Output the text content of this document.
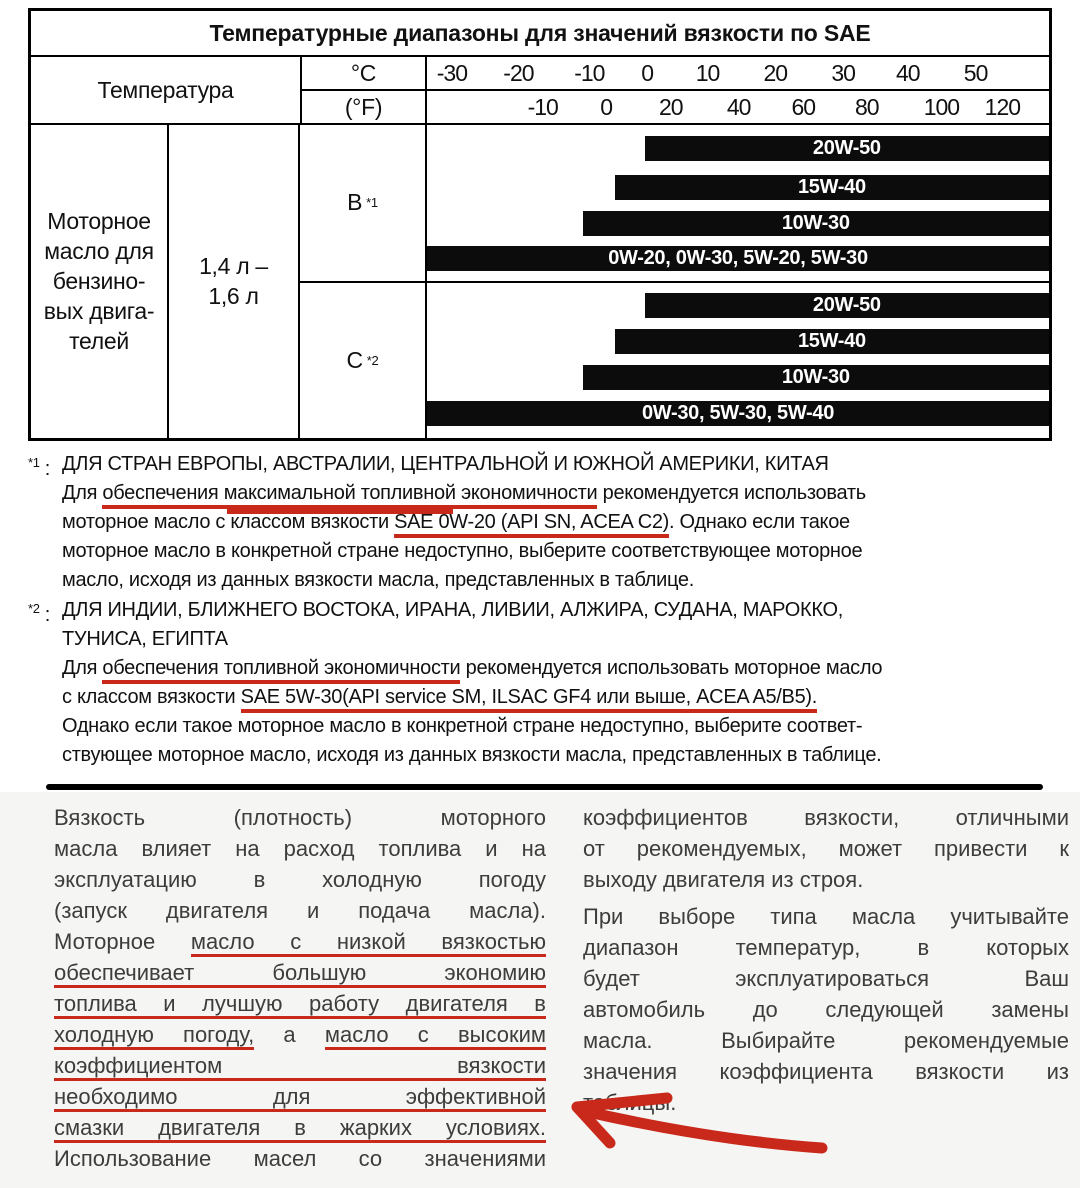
Температурные диапазоны для значений вязкости по SAE
Температура
°C
(°F)
-30 -20 -10 0 10 20 30 40 50
-10 0 20 40 60 80 100 120
Моторное
масло для
бензино-
вых двига-
телей
1,4 л –
1,6 л
B *1
C *2
20W-50
15W-40
10W-30
0W-20, 0W-30, 5W-20, 5W-30
20W-50
15W-40
10W-30
0W-30, 5W-30, 5W-40
$^{*1}$ : ДЛЯ СТРАН ЕВРОПЫ, АВСТРАЛИИ, ЦЕНТРАЛЬНОЙ И ЮЖНОЙ АМЕРИКИ, КИТАЯ
Для обеспечения максимальной топливной экономичности рекомендуется использовать
моторное масло с классом вязкости SAE 0W-20 (API SN, ACEA C2). Однако если такое
моторное масло в конкретной стране недоступно, выберите соответствующее моторное
масло, исходя из данных вязкости масла, представленных в таблице.
$^{*2}$ : ДЛЯ ИНДИИ, БЛИЖНЕГО ВОСТОКА, ИРАНА, ЛИВИИ, АЛЖИРА, СУДАНА, МАРОККО,
ТУНИСА, ЕГИПТА
Для обеспечения топливной экономичности рекомендуется использовать моторное масло
с классом вязкости SAE 5W-30(API service SM, ILSAC GF4 или выше, ACEA A5/B5).
Однако если такое моторное масло в конкретной стране недоступно, выберите соответ-
ствующее моторное масло, исходя из данных вязкости масла, представленных в таблице.
Вязкость (плотность) моторного
масла влияет на расход топлива и на
эксплуатацию в холодную погоду
(запуск двигателя и подача масла).
Моторное масло с низкой вязкостью
обеспечивает большую экономию
топлива и лучшую работу двигателя в
холодную погоду, а масло с высоким
коэффициентом вязкости
необходимо для эффективной
смазки двигателя в жарких условиях.
Использование масел со значениями
коэффициентов вязкости, отличными
от рекомендуемых, может привести к
выходу двигателя из строя.
При выборе типа масла учитывайте
диапазон температур, в которых
будет эксплуатироваться Ваш
автомобиль до следующей замены
масла. Выбирайте рекомендуемые
значения коэффициента вязкости из
таблицы.
